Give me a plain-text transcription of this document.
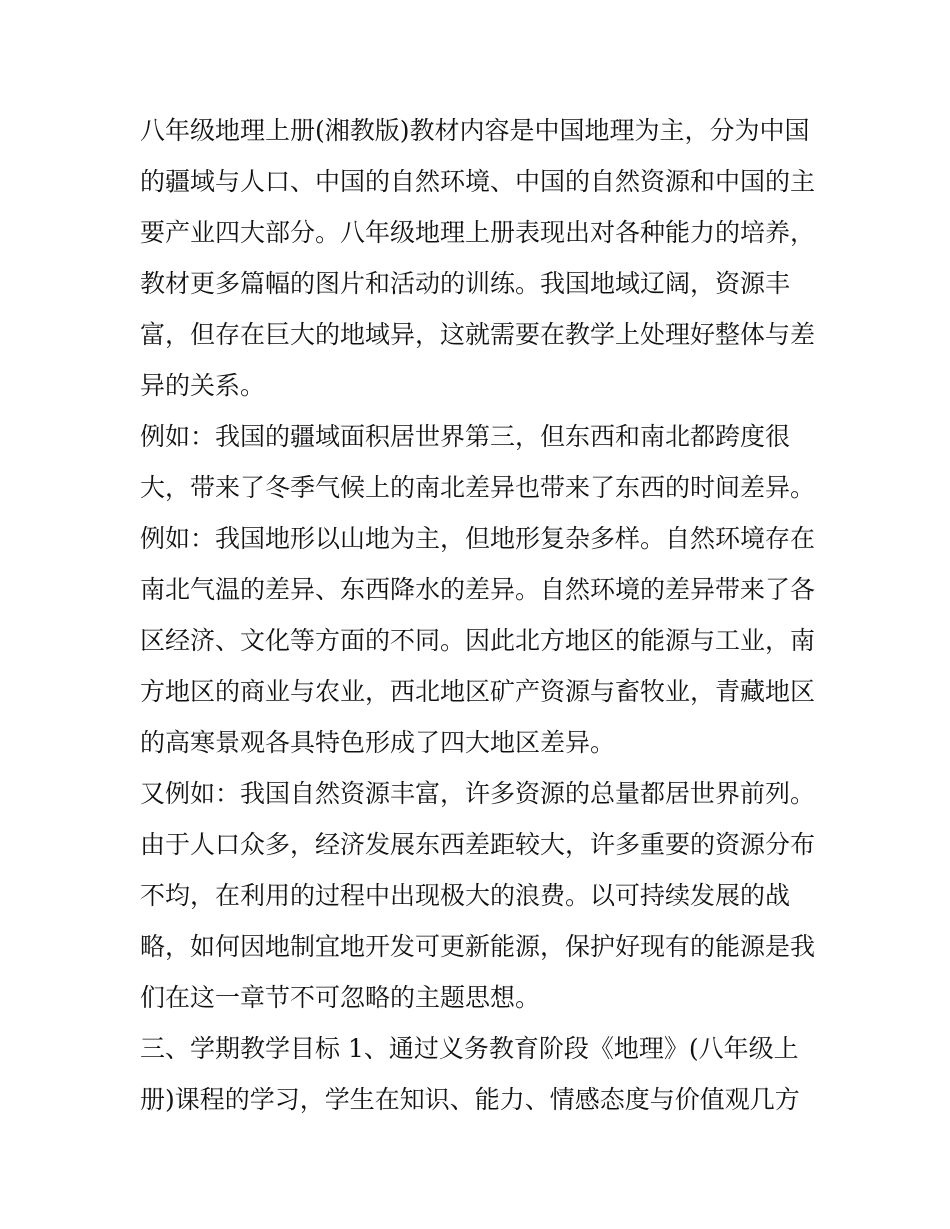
八年级地理上册(湘教版)教材内容是中国地理为主，分为中国
的疆域与人口、中国的自然环境、中国的自然资源和中国的主
要产业四大部分。八年级地理上册表现出对各种能力的培养，
教材更多篇幅的图片和活动的训练。我国地域辽阔，资源丰
富，但存在巨大的地域异，这就需要在教学上处理好整体与差
异的关系。
例如：我国的疆域面积居世界第三，但东西和南北都跨度很
大，带来了冬季气候上的南北差异也带来了东西的时间差异。
例如：我国地形以山地为主，但地形复杂多样。自然环境存在
南北气温的差异、东西降水的差异。自然环境的差异带来了各
区经济、文化等方面的不同。因此北方地区的能源与工业，南
方地区的商业与农业，西北地区矿产资源与畜牧业，青藏地区
的高寒景观各具特色形成了四大地区差异。
又例如：我国自然资源丰富，许多资源的总量都居世界前列。
由于人口众多，经济发展东西差距较大，许多重要的资源分布
不均，在利用的过程中出现极大的浪费。以可持续发展的战
略，如何因地制宜地开发可更新能源，保护好现有的能源是我
们在这一章节不可忽略的主题思想。
三、学期教学目标 1、通过义务教育阶段《地理》(八年级上
册)课程的学习，学生在知识、能力、情感态度与价值观几方
